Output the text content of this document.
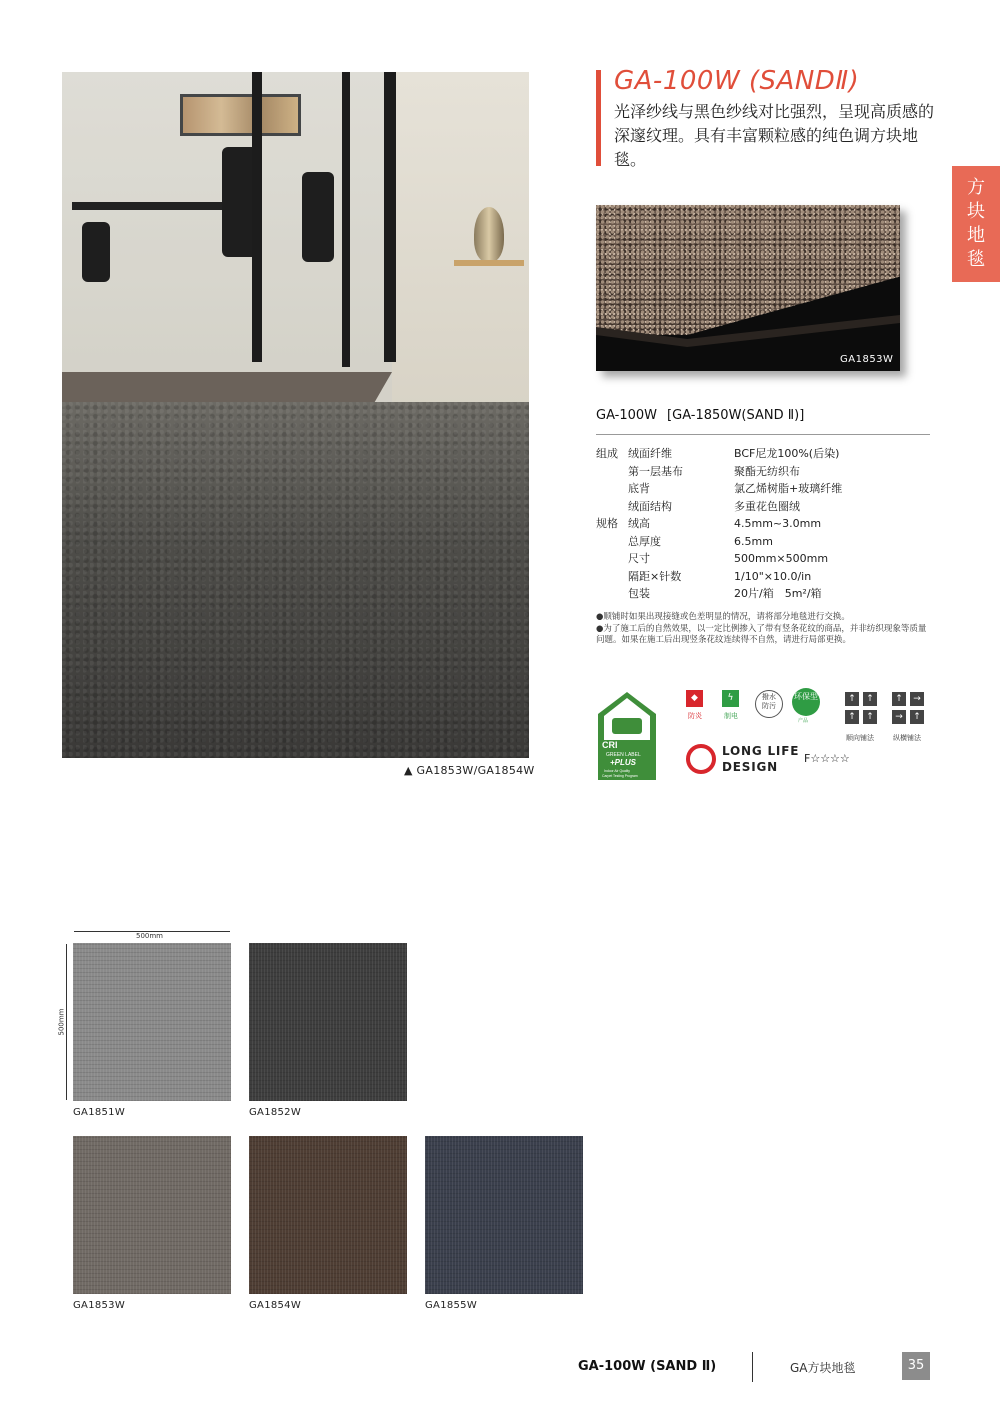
▲ GA1853W/GA1854W
GA-100W (SANDⅡ)
光泽纱线与黑色纱线对比强烈，呈现高质感的深邃纹理。具有丰富颗粒感的纯色调方块地毯。
方
块
地
毯
GA1853W
GA-100W [GA-1850W(SAND Ⅱ)]
组成 绒面纤维	BCF尼龙100%(后染)
第一层基布	聚酯无纺织布
底背	氯乙烯树脂+玻璃纤维
绒面结构	多重花色圈绒
规格 绒高	4.5mm~3.0mm
总厚度	6.5mm
尺寸	500mm×500mm
隔距×针数	1/10"×10.0/in
包装	20片/箱　5m²/箱
●顺铺时如果出现接缝或色差明显的情况，请将部分地毯进行交换。
●为了施工后的自然效果，以一定比例掺入了带有竖条花纹的商品，并非纺织现象等质量问题。如果在施工后出现竖条花纹连续得不自然，请进行局部更换。
CRI
GREEN LABEL
+PLUS
Indoor Air Quality
Carpet Testing Program
◆
防炎
ϟ
制电
撥水
防污
环保型
产品
↑	↑
↑	↑
顺向铺法
↑	→
→	↑
纵横铺法
LONG LIFE
DESIGN
F☆☆☆☆
500mm
500mm
GA1851W	GA1852W
GA1853W	GA1854W	GA1855W
GA-100W (SAND Ⅱ)	GA方块地毯	35
